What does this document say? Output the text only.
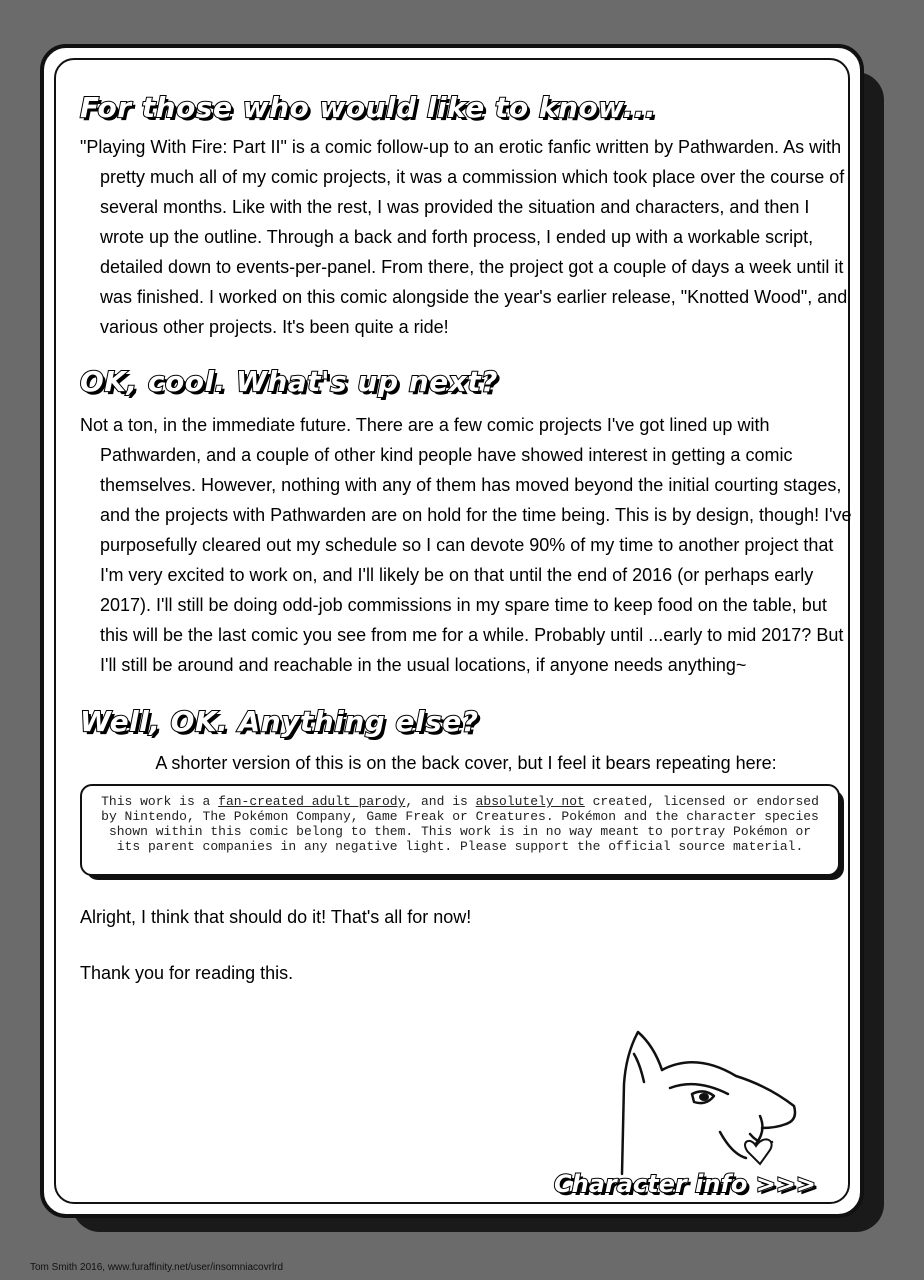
For those who would like to know...

"Playing With Fire: Part II" is a comic follow-up to an erotic fanfic written by Pathwarden. As with pretty much all of my comic projects, it was a commission which took place over the course of several months. Like with the rest, I was provided the situation and characters, and then I wrote up the outline. Through a back and forth process, I ended up with a workable script, detailed down to events-per-panel. From there, the project got a couple of days a week until it was finished. I worked on this comic alongside the year's earlier release, "Knotted Wood", and various other projects. It's been quite a ride!

OK, cool. What's up next?

Not a ton, in the immediate future. There are a few comic projects I've got lined up with Pathwarden, and a couple of other kind people have showed interest in getting a comic themselves. However, nothing with any of them has moved beyond the initial courting stages, and the projects with Pathwarden are on hold for the time being. This is by design, though! I've purposefully cleared out my schedule so I can devote 90% of my time to another project that I'm very excited to work on, and I'll likely be on that until the end of 2016 (or perhaps early 2017). I'll still be doing odd-job commissions in my spare time to keep food on the table, but this will be the last comic you see from me for a while. Probably until ...early to mid 2017? But I'll still be around and reachable in the usual locations, if anyone needs anything~

Well, OK. Anything else?

A shorter version of this is on the back cover, but I feel it bears repeating here:

This work is a fan-created adult parody, and is absolutely not created, licensed or endorsed by Nintendo, The Pokémon Company, Game Freak or Creatures. Pokémon and the character species shown within this comic belong to them. This work is in no way meant to portray Pokémon or its parent companies in any negative light. Please support the official source material.

Alright, I think that should do it! That's all for now!

Thank you for reading this.

Character info >>>
Tom Smith 2016, www.furaffinity.net/user/insomniacovrlrd
